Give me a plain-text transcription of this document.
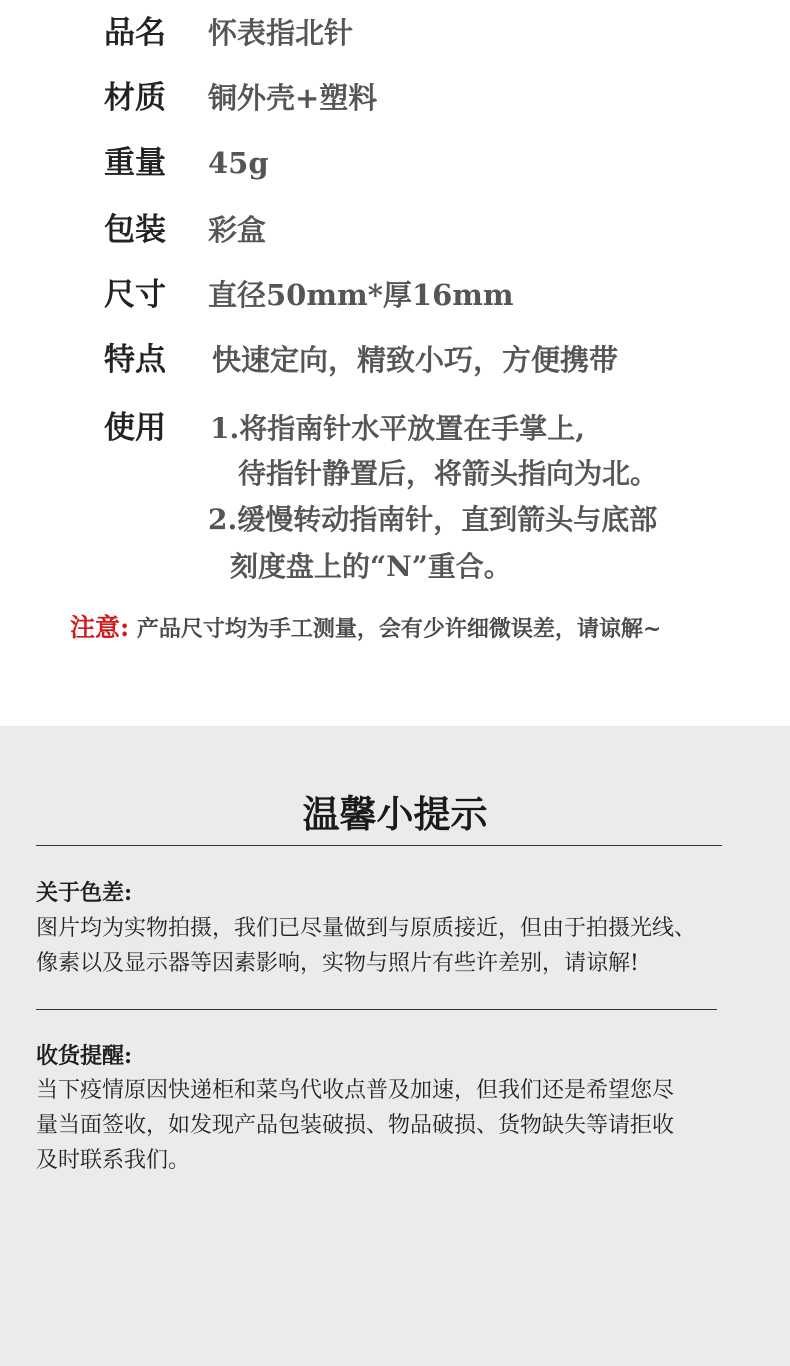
品名 怀表指北针
材质 铜外壳+塑料
重量 45g
包装 彩盒
尺寸 直径50mm*厚16mm
特点 快速定向，精致小巧，方便携带
使用 1.将指南针水平放置在手掌上,
待指针静置后，将箭头指向为北。
2.缓慢转动指南针，直到箭头与底部
刻度盘上的“N”重合。
注意: 产品尺寸均为手工测量，会有少许细微误差，请谅解~
温馨小提示
关于色差:
图片均为实物拍摄，我们已尽量做到与原质接近，但由于拍摄光线、
像素以及显示器等因素影响，实物与照片有些许差别，请谅解!
收货提醒:
当下疫情原因快递柜和菜鸟代收点普及加速，但我们还是希望您尽
量当面签收，如发现产品包装破损、物品破损、货物缺失等请拒收
及时联系我们。
